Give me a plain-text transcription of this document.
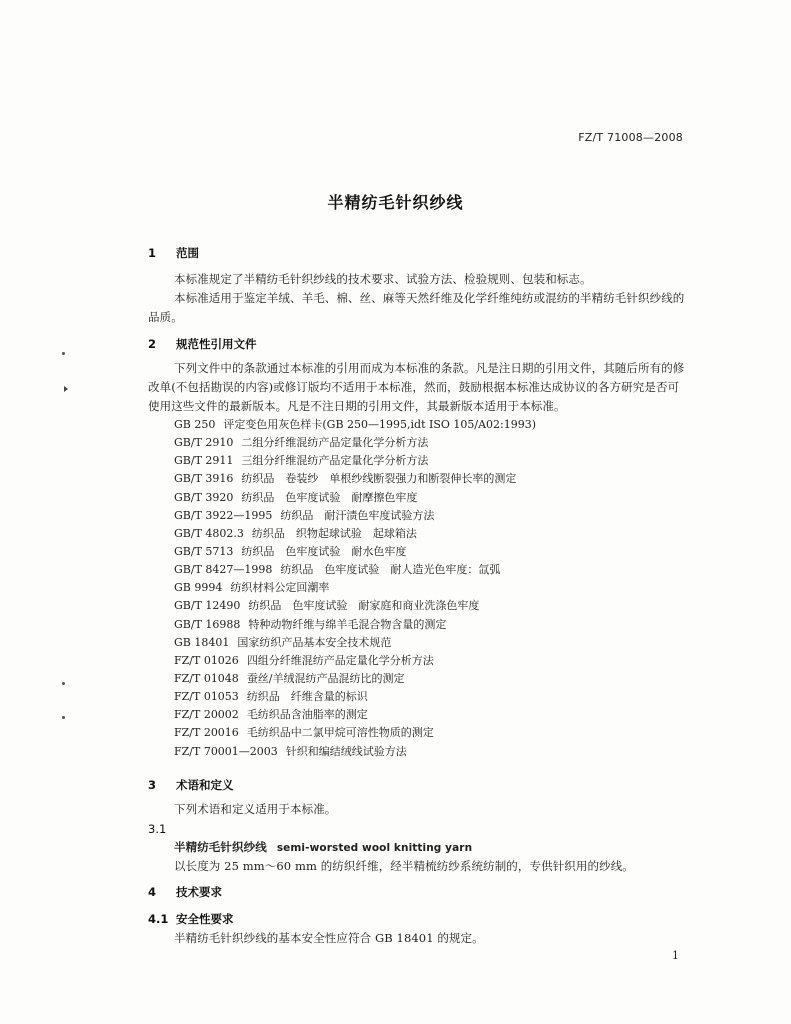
FZ/T 71008—2008
半精纺毛针织纱线
1 范围
本标准规定了半精纺毛针织纱线的技术要求、试验方法、检验规则、包装和标志。
本标准适用于鉴定羊绒、羊毛、棉、丝、麻等天然纤维及化学纤维纯纺或混纺的半精纺毛针织纱线的品质。
2 规范性引用文件
下列文件中的条款通过本标准的引用而成为本标准的条款。凡是注日期的引用文件，其随后所有的修改单(不包括勘误的内容)或修订版均不适用于本标准，然而，鼓励根据本标准达成协议的各方研究是否可使用这些文件的最新版本。凡是不注日期的引用文件，其最新版本适用于本标准。
GB 250 评定变色用灰色样卡(GB 250—1995,idt ISO 105/A02:1993)
GB/T 2910 二组分纤维混纺产品定量化学分析方法
GB/T 2911 三组分纤维混纺产品定量化学分析方法
GB/T 3916 纺织品　卷装纱　单根纱线断裂强力和断裂伸长率的测定
GB/T 3920 纺织品　色牢度试验　耐摩擦色牢度
GB/T 3922—1995 纺织品　耐汗渍色牢度试验方法
GB/T 4802.3 纺织品　织物起球试验　起球箱法
GB/T 5713 纺织品　色牢度试验　耐水色牢度
GB/T 8427—1998 纺织品　色牢度试验　耐人造光色牢度：氙弧
GB 9994 纺织材料公定回潮率
GB/T 12490 纺织品　色牢度试验　耐家庭和商业洗涤色牢度
GB/T 16988 特种动物纤维与绵羊毛混合物含量的测定
GB 18401 国家纺织产品基本安全技术规范
FZ/T 01026 四组分纤维混纺产品定量化学分析方法
FZ/T 01048 蚕丝/羊绒混纺产品混纺比的测定
FZ/T 01053 纺织品　纤维含量的标识
FZ/T 20002 毛纺织品含油脂率的测定
FZ/T 20016 毛纺织品中二氯甲烷可溶性物质的测定
FZ/T 70001—2003 针织和编结绒线试验方法
3 术语和定义
下列术语和定义适用于本标准。
3.1
半精纺毛针织纱线 semi-worsted wool knitting yarn
以长度为 25 mm～60 mm 的纺织纤维，经半精梳纺纱系统纺制的，专供针织用的纱线。
4 技术要求
4.1 安全性要求
半精纺毛针织纱线的基本安全性应符合 GB 18401 的规定。
1
